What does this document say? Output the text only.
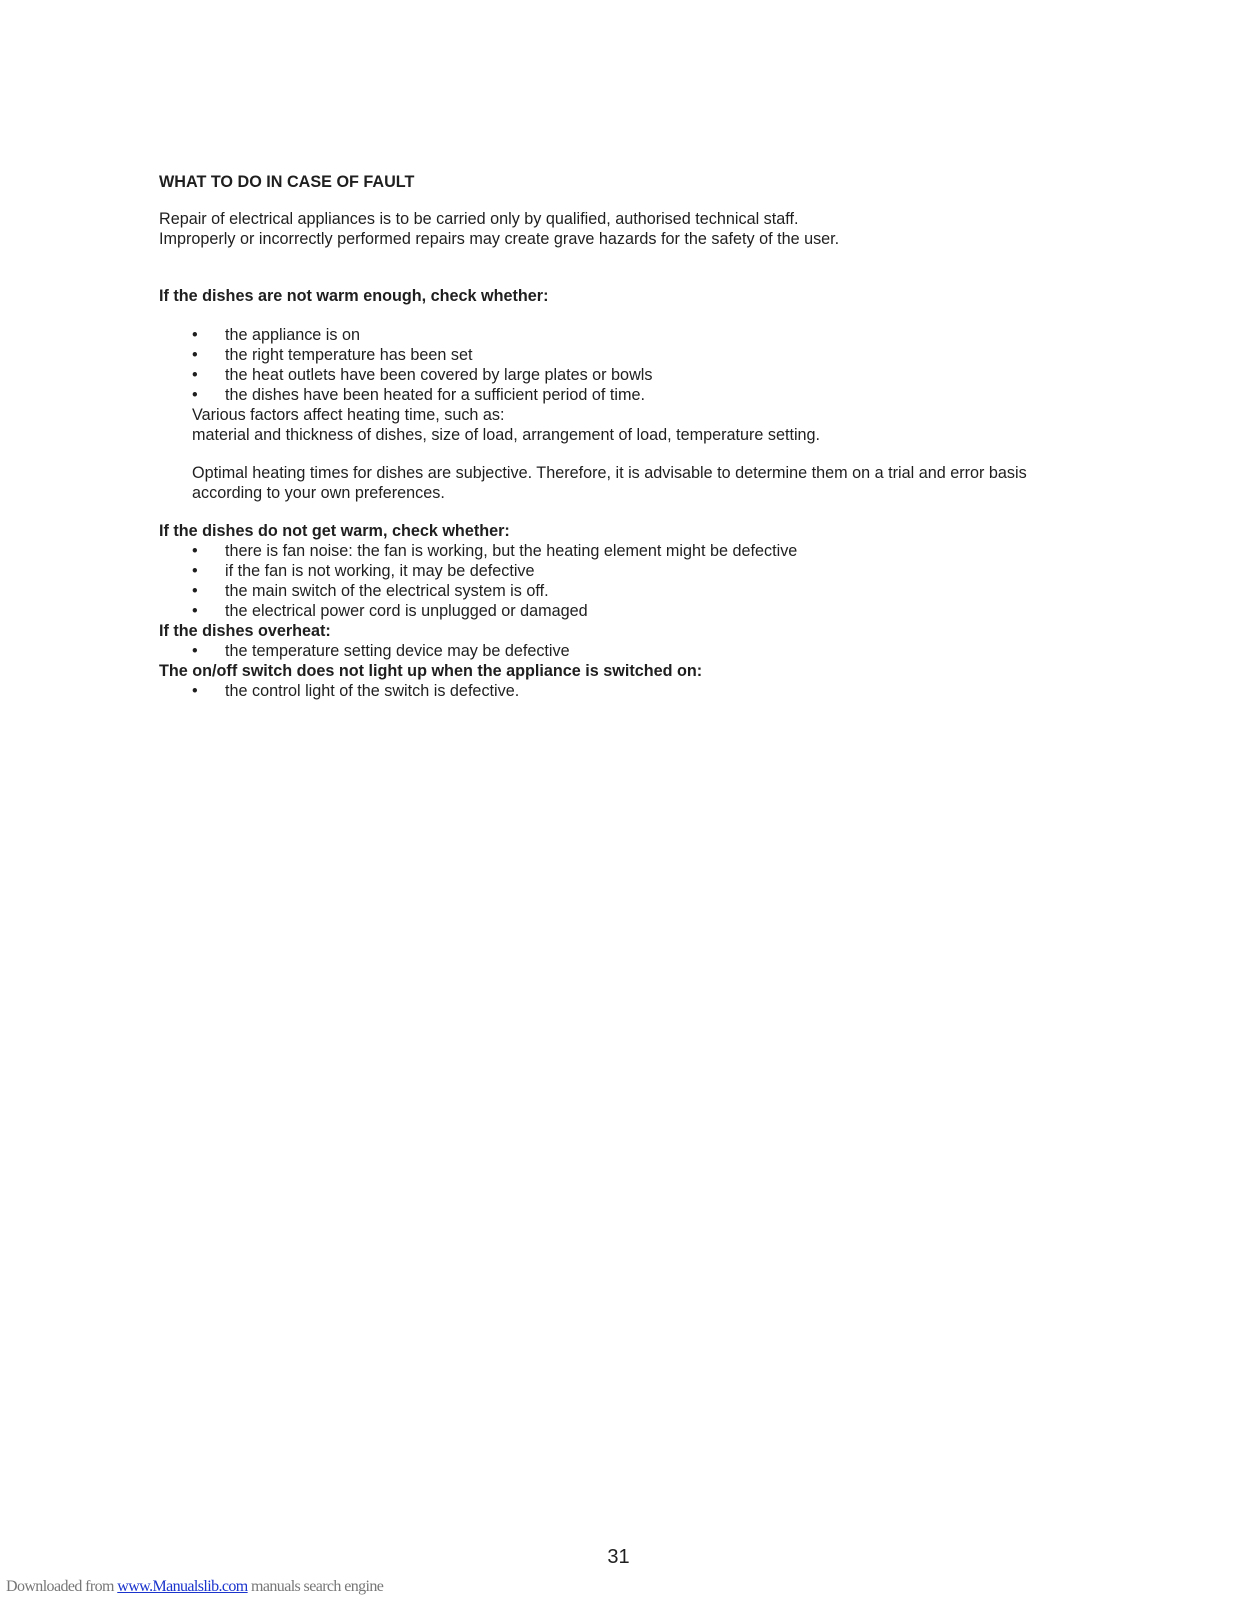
WHAT TO DO IN CASE OF FAULT

Repair of electrical appliances is to be carried only by qualified, authorised technical staff.

Improperly or incorrectly performed repairs may create grave hazards for the safety of the user.

If the dishes are not warm enough, check whether:

• the appliance is on
• the right temperature has been set
• the heat outlets have been covered by large plates or bowls
• the dishes have been heated for a sufficient period of time.

Various factors affect heating time, such as:

material and thickness of dishes, size of load, arrangement of load, temperature setting.

Optimal heating times for dishes are subjective. Therefore, it is advisable to determine them on a trial and error basis according to your own preferences.

If the dishes do not get warm, check whether:

• there is fan noise: the fan is working, but the heating element might be defective
• if the fan is not working, it may be defective
• the main switch of the electrical system is off.
• the electrical power cord is unplugged or damaged

If the dishes overheat:

• the temperature setting device may be defective

The on/off switch does not light up when the appliance is switched on:

• the control light of the switch is defective.
31
Downloaded from www.Manualslib.com manuals search engine
